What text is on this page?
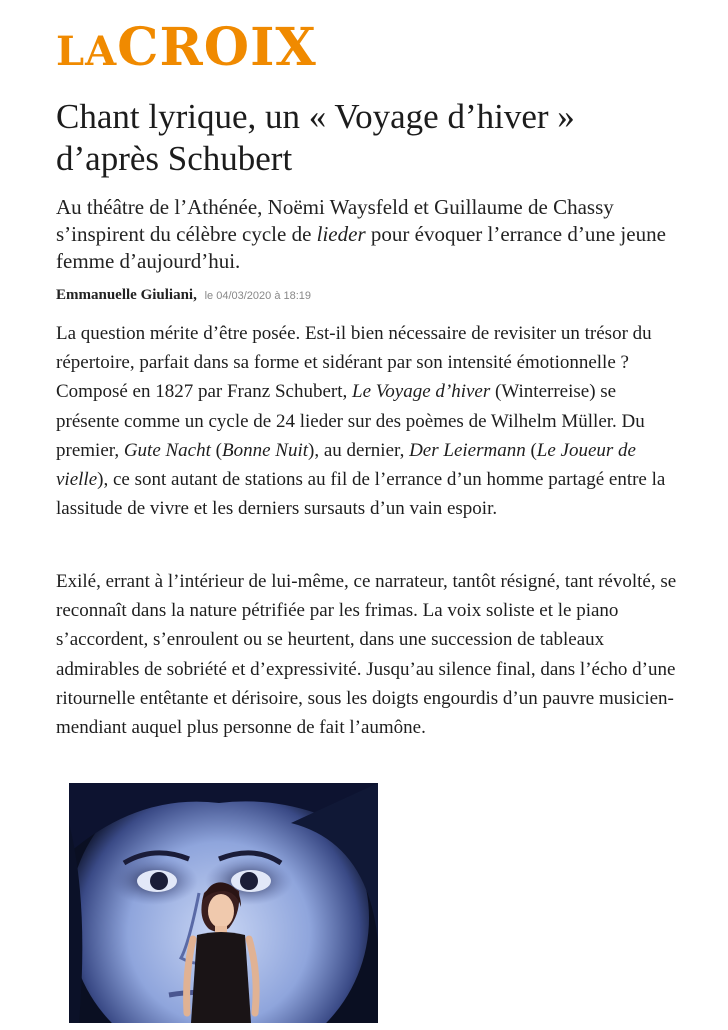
LACROIX
Chant lyrique, un « Voyage d’hiver » d’après Schubert

Au théâtre de l’Athénée, Noëmi Waysfeld et Guillaume de Chassy s’inspirent du célèbre cycle de lieder pour évoquer l’errance d’une jeune femme d’aujourd’hui.

Emmanuelle Giuliani, le 04/03/2020 à 18:19

La question mérite d’être posée. Est-il bien nécessaire de revisiter un trésor du répertoire, parfait dans sa forme et sidérant par son intensité émotionnelle ? Composé en 1827 par Franz Schubert, Le Voyage d’hiver (Winterreise) se présente comme un cycle de 24 lieder sur des poèmes de Wilhelm Müller. Du premier, Gute Nacht (Bonne Nuit), au dernier, Der Leiermann (Le Joueur de vielle), ce sont autant de stations au fil de l’errance d’un homme partagé entre la lassitude de vivre et les derniers sursauts d’un vain espoir.

Exilé, errant à l’intérieur de lui-même, ce narrateur, tantôt résigné, tant révolté, se reconnaît dans la nature pétrifiée par les frimas. La voix soliste et le piano s’accordent, s’enroulent ou se heurtent, dans une succession de tableaux admirables de sobriété et d’expressivité. Jusqu’au silence final, dans l’écho d’une ritournelle entêtante et dérisoire, sous les doigts engourdis d’un pauvre musicien-mendiant auquel plus personne de fait l’aumône.
